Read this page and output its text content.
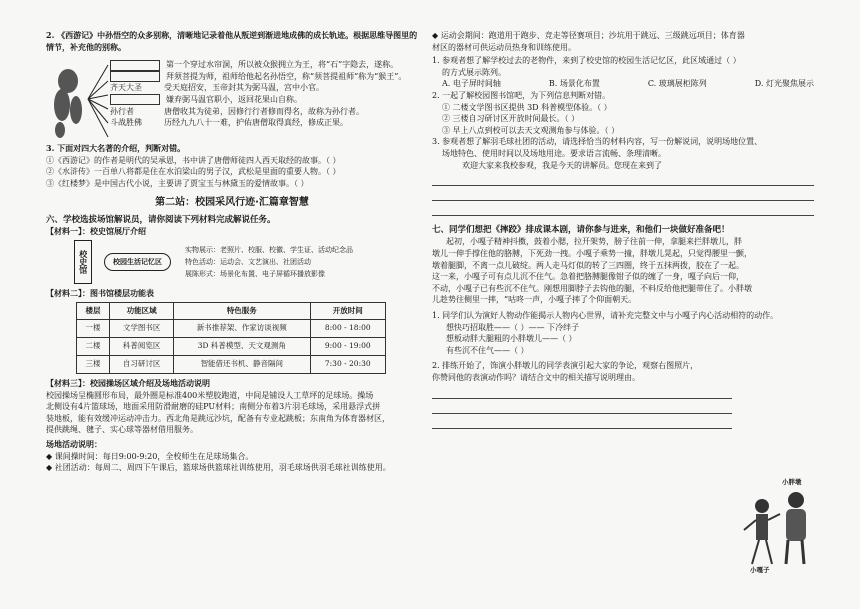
2. 《西游记》中孙悟空的众多别称，清晰地记录着他从叛逆到渐进地成佛的成长轨迹。根据思维导图里的情节，补充他的别称。
第一个穿过水帘洞，所以被众猴拥立为王，将“石”字隐去，遂称。
拜须菩提为师，祖师给他起名孙悟空，称“须菩提祖师”称为“猴王”。
齐天大圣	受天庭招安，玉帝封其为弼马温，宫中小官。
嫌弃弼马温官职小，返回花果山自称。
孙行者	唐僧收其为徒弟，因修行行者修而得名，故称为孙行者。
斗战胜佛	历经九九八十一难，护佑唐僧取得真经，修成正果。
3. 下面对四大名著的介绍，判断对错。
①《西游记》的作者是明代的吴承恩，书中讲了唐僧师徒四人西天取经的故事。（ ）
②《水浒传》一百单八将都是住在水泊梁山的男子汉，武松是里面的重要人物。（ ）
③《红楼梦》是中国古代小说，主要讲了贾宝玉与林黛玉的爱情故事。（ ）
第二站：校园采风行迹·汇篇章智慧
六、学校选拔场馆解说员，请你阅读下列材料完成解说任务。
【材料一】：校史馆展厅介绍
校史馆	校园生活记忆区
实物展示：老照片、校服、校徽、学生证、活动纪念品
特色活动：运动会、文艺演出、社团活动
展陈形式：场景化布置、电子屏循环播放影像
【材料二】：图书馆楼层功能表
楼层	功能区域	特色服务	开放时间
一楼	文学图书区	新书推荐架、作家访谈视频	8:00 - 18:00
二楼	科普阅览区	3D 科普模型、天文观测角	9:00 - 19:00
三楼	自习研讨区	智能借还书机、静音隔间	7:30 - 20:30
【材料三】：校园操场区域介绍及场地活动说明
校园操场呈椭圆形布局，最外圈是标准400米塑胶跑道，中间是铺设人工草坪的足球场。操场
北侧设有4片篮球场，地面采用防滑耐磨的硅PU材料；南侧分布着3片羽毛球场，采用悬浮式拼
装地板，能有效缓冲运动冲击力。西北角是跳远沙坑，配备有专业起跳板；东南角为体育器材区，
提供跳绳、毽子、实心球等器材借用服务。
场地活动说明：
◆ 课间操时间：每日9:00-9:20，全校师生在足球场集合。
◆ 社团活动：每周二、周四下午课后，篮球场供篮球社训练使用，羽毛球场供羽毛球社训练使用。
◆ 运动会期间：跑道用于跑步、竞走等径赛项目；沙坑用于跳远、三级跳远项目；体育器
材区的器材可供运动员热身和训练使用。
1. 参观者想了解学校过去的老物件，来到了校史馆的校园生活记忆区，此区域通过（ ）
的方式展示陈列。
A. 电子屏时间轴	B. 场景化布置	C. 玻璃展柜陈列	D. 灯光聚焦展示
2. 一起了解校园图书馆吧，为下列信息判断对错。
① 二楼文学图书区提供 3D 科普模型体验。（ ）
② 三楼自习研讨区开放时间最长。（ ）
③ 早上八点到校可以去天文观测角参与体验。（ ）
3. 参观者想了解羽毛球社团的活动，请选择恰当的材料内容，写一份解说词，说明场地位置、
场地特色、使用时间以及场地用途。要求语言流畅、条理清晰。
欢迎大家来我校参观，我是今天的讲解员。您现在来到了
七、同学们想把《摔跤》排成课本剧，请你参与进来，和他们一块做好准备吧！
起初，小嘎子精神抖擞，鼓着小腮，拉开架势，膀子往前一伸，拿腿来拦胖墩儿，胖
墩儿一伸手撑住他的胳膊，下死劲一拽。小嘎子乘势一撞，胖墩儿晃起，只觉得腰里一颤，
墩着腿脚，不离一点儿破绽。两人走马灯似的转了三四圈，终于五抹两拨，胶在了一起。
这一来，小嘎子可有点儿沉不住气。急着把胳膊腿像钳子似的缠了一身，嘎子向后一仰，
不动，小嘎子已有些沉不住气。刚想用脚脖子去钩他的腿，不料反给他把腿带住了。小胖墩
儿趁势往侧里一摔，“咕咚一声，小嘎子摔了个仰面朝天。
1. 同学们认为演好人物动作能揭示人物内心世界，请补充完整文中与小嘎子内心活动相符的动作。
想快巧招取胜——（ ）—— 下冷绊子
想板动胖大腿粗的小胖墩儿——（ ）
有些沉不住气——（ ）
2. 排练开始了，饰演小胖墩儿的同学表演引起大家的争论，观察右图照片，
你赞同他的表演动作吗？请结合文中的相关描写说明理由。
小胖墩
小嘎子
